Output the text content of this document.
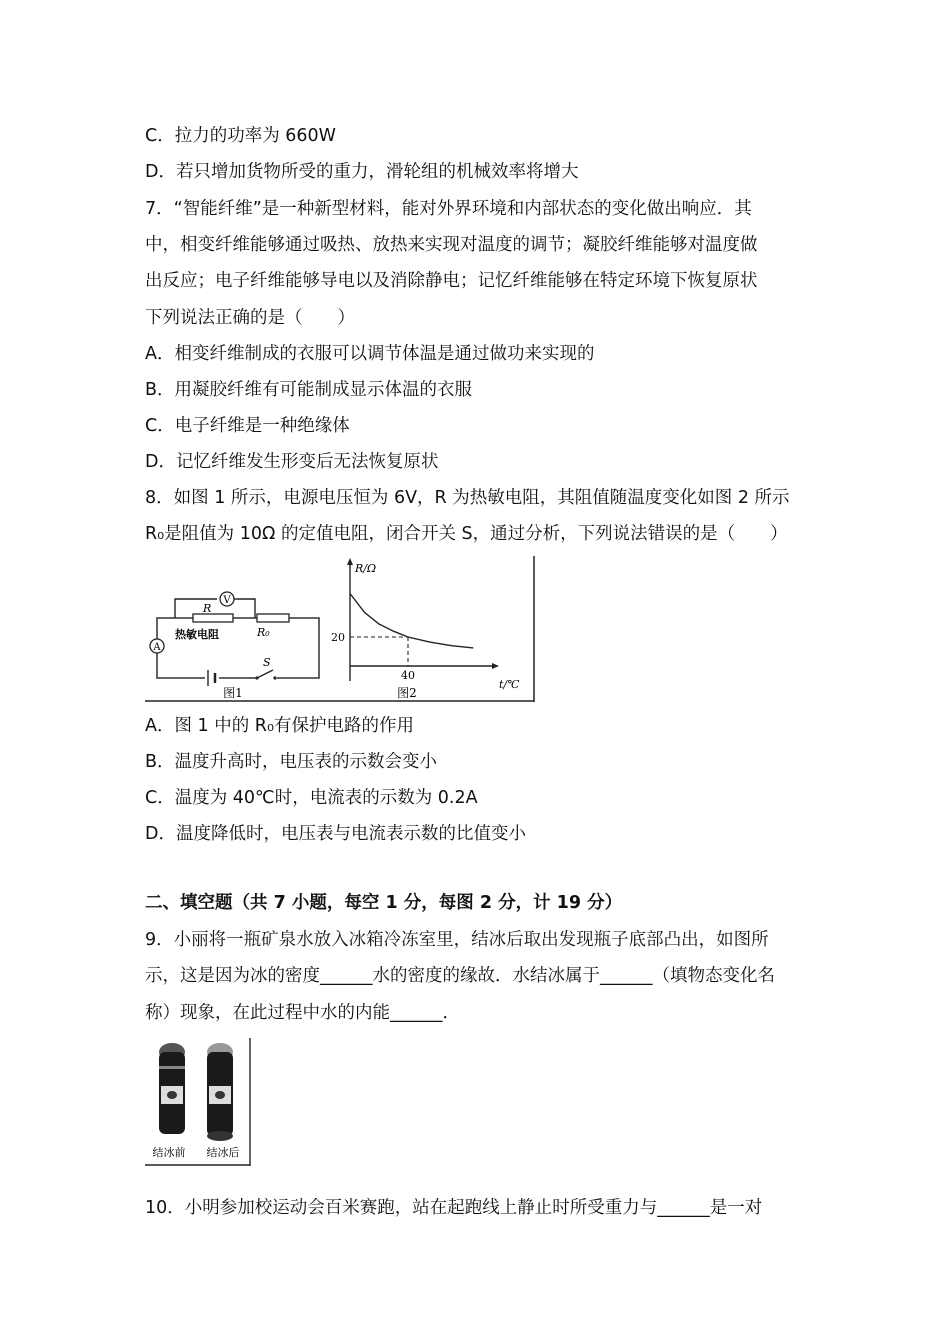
C．拉力的功率为 660W
D．若只增加货物所受的重力，滑轮组的机械效率将增大
7．“智能纤维”是一种新型材料，能对外界环境和内部状态的变化做出响应．其
中，相变纤维能够通过吸热、放热来实现对温度的调节；凝胶纤维能够对温度做
出反应；电子纤维能够导电以及消除静电；记忆纤维能够在特定环境下恢复原状
下列说法正确的是（　　）
A．相变纤维制成的衣服可以调节体温是通过做功来实现的
B．用凝胶纤维有可能制成显示体温的衣服
C．电子纤维是一种绝缘体
D．记忆纤维发生形变后无法恢复原状
8．如图 1 所示，电源电压恒为 6V，R 为热敏电阻，其阻值随温度变化如图 2 所示
R₀是阻值为 10Ω 的定值电阻，闭合开关 S，通过分析，下列说法错误的是（　　）
V
R
R₀
热敏电阻
A
S
图1
R/Ω
t/℃
20
40
图2
A．图 1 中的 R₀有保护电路的作用
B．温度升高时，电压表的示数会变小
C．温度为 40℃时，电流表的示数为 0.2A
D．温度降低时，电压表与电流表示数的比值变小
二、填空题（共 7 小题，每空 1 分，每图 2 分，计 19 分）
9．小丽将一瓶矿泉水放入冰箱冷冻室里，结冰后取出发现瓶子底部凸出，如图所
示，这是因为冰的密度______水的密度的缘故．水结冰属于______（填物态变化名
称）现象，在此过程中水的内能______．
结冰前 结冰后
10．小明参加校运动会百米赛跑，站在起跑线上静止时所受重力与______是一对
